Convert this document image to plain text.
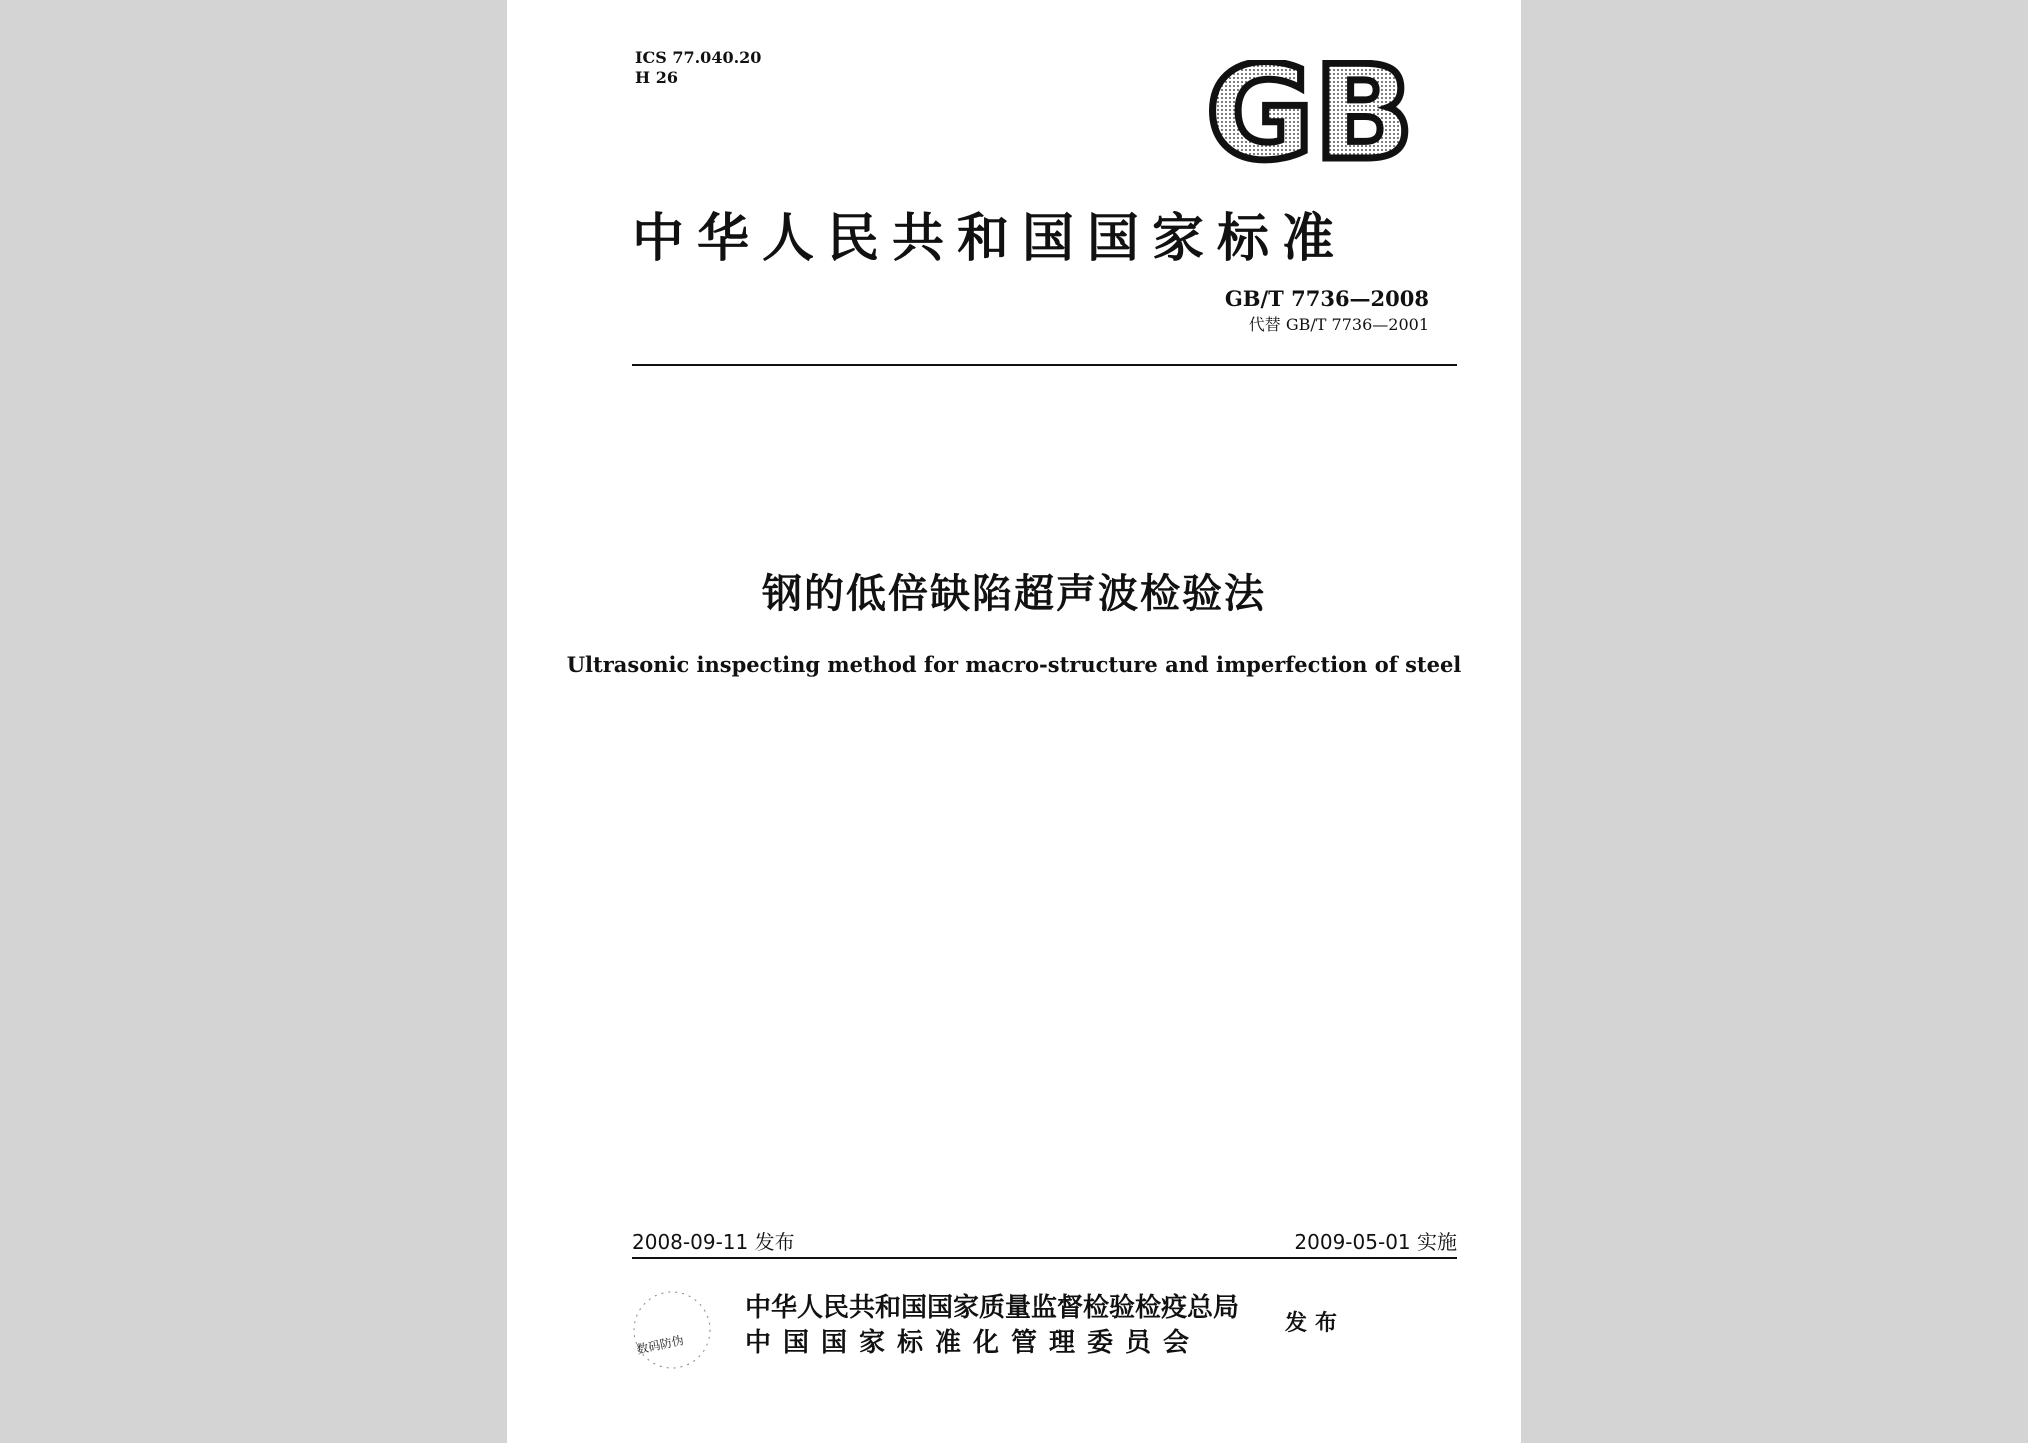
ICS 77.040.20
H 26	GB
中华人民共和国国家标准
GB/T 7736—2008
代替 GB/T 7736—2001
钢的低倍缺陷超声波检验法
Ultrasonic inspecting method for macro-structure and imperfection of steel
2008-09-11 发布	2009-05-01 实施
数码防伪
中华人民共和国国家质量监督检验检疫总局
中国国家标准化管理委员会
发布
